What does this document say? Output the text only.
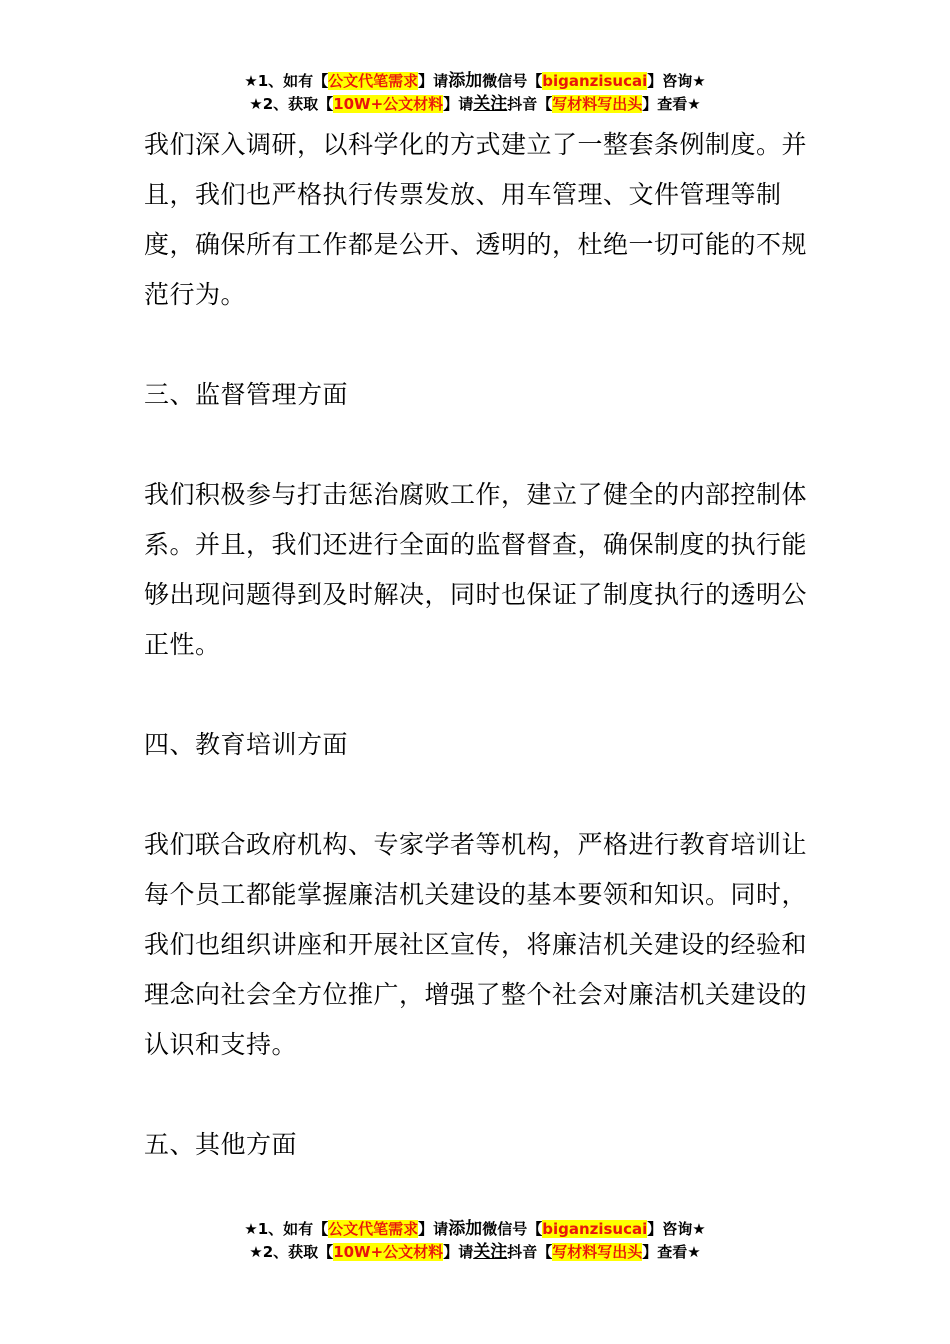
★1、如有【公文代笔需求】请添加微信号【biganzisucai】咨询★
★2、获取【10W+公文材料】请关注抖音【写材料写出头】查看★

我们深入调研，以科学化的方式建立了一整套条例制度。并且，我们也严格执行传票发放、用车管理、文件管理等制度，确保所有工作都是公开、透明的，杜绝一切可能的不规范行为。

三、监督管理方面

我们积极参与打击惩治腐败工作，建立了健全的内部控制体系。并且，我们还进行全面的监督督查，确保制度的执行能够出现问题得到及时解决，同时也保证了制度执行的透明公正性。

四、教育培训方面

我们联合政府机构、专家学者等机构，严格进行教育培训让每个员工都能掌握廉洁机关建设的基本要领和知识。同时，我们也组织讲座和开展社区宣传，将廉洁机关建设的经验和理念向社会全方位推广，增强了整个社会对廉洁机关建设的认识和支持。

五、其他方面

★1、如有【公文代笔需求】请添加微信号【biganzisucai】咨询★
★2、获取【10W+公文材料】请关注抖音【写材料写出头】查看★
